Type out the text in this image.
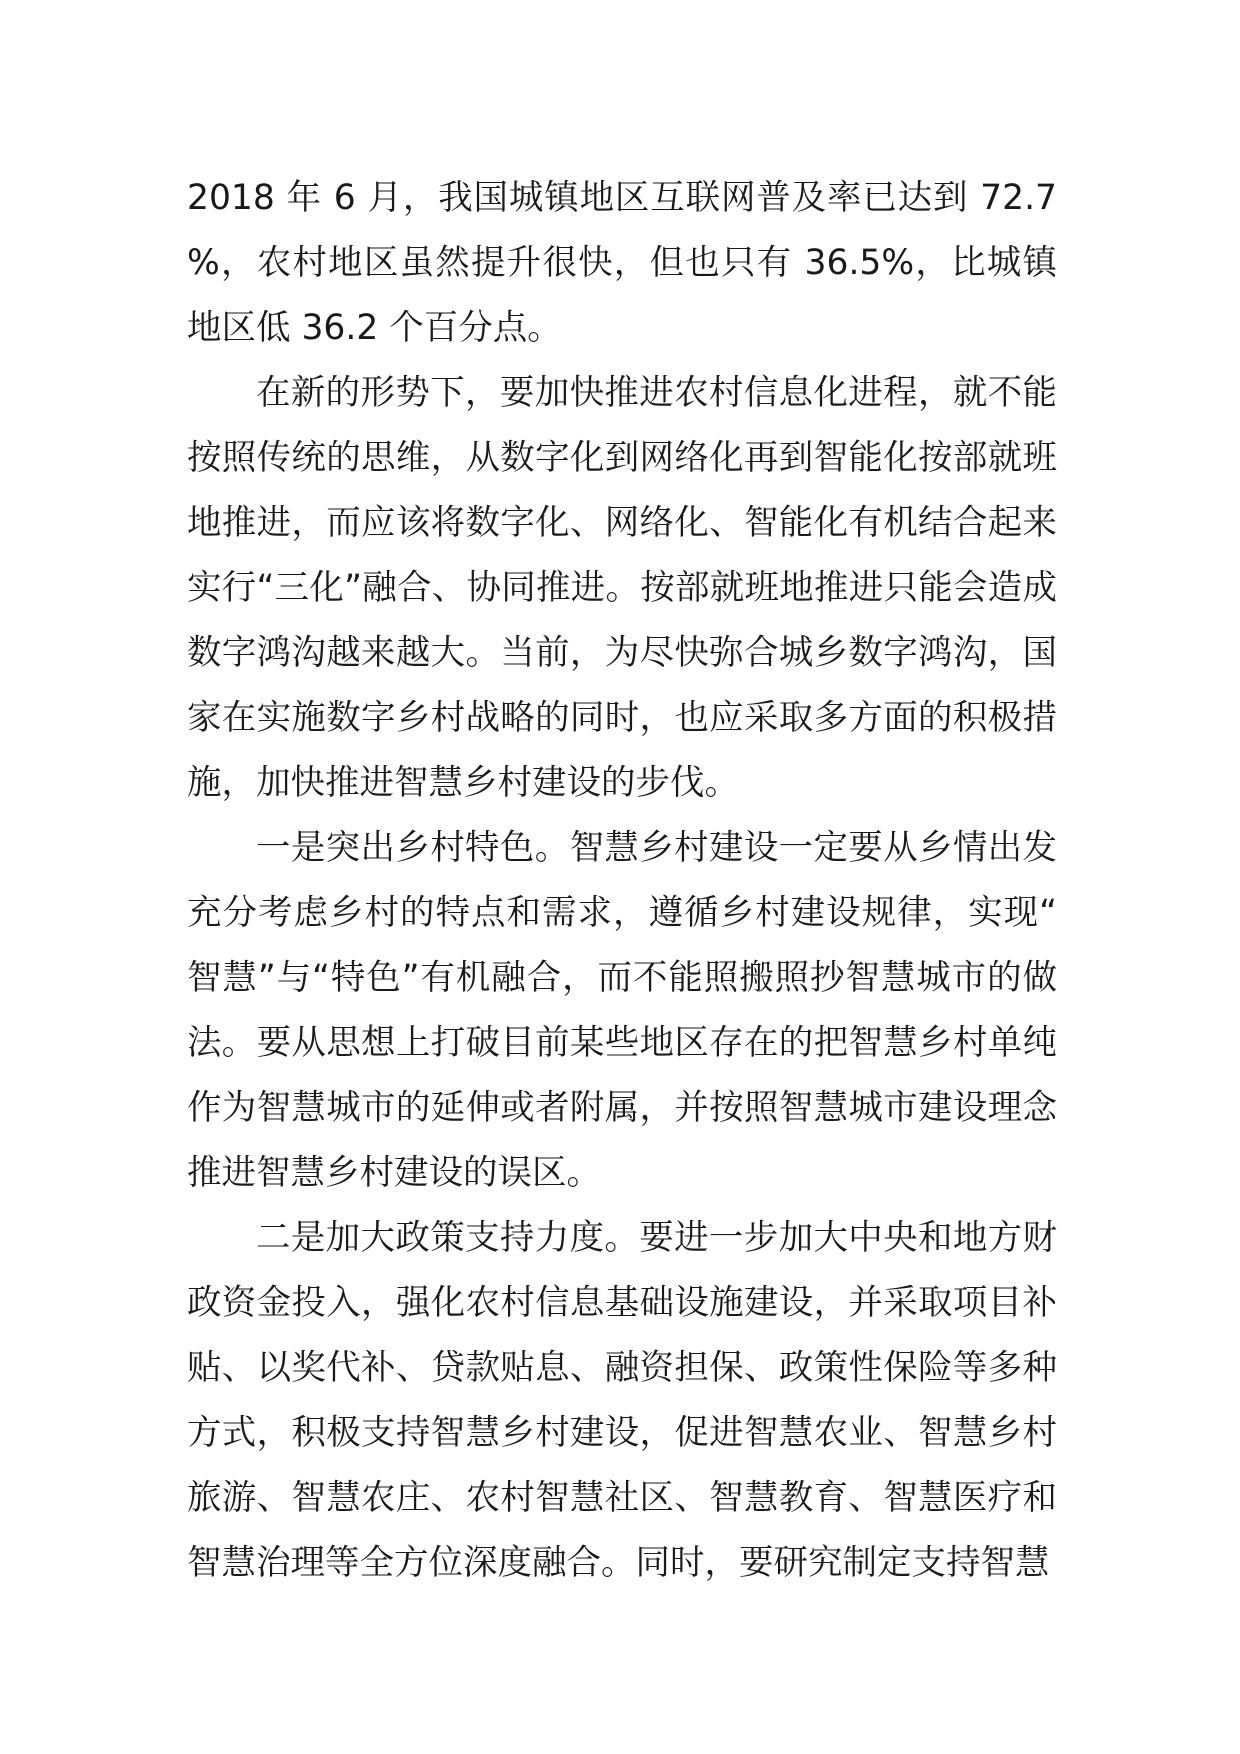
2018 年 6 月，我国城镇地区互联网普及率已达到 72.7%，农村地区虽然提升很快，但也只有 36.5%，比城镇地区低 36.2 个百分点。

在新的形势下，要加快推进农村信息化进程，就不能按照传统的思维，从数字化到网络化再到智能化按部就班地推进，而应该将数字化、网络化、智能化有机结合起来实行“三化”融合、协同推进。按部就班地推进只能会造成数字鸿沟越来越大。当前，为尽快弥合城乡数字鸿沟，国家在实施数字乡村战略的同时，也应采取多方面的积极措施，加快推进智慧乡村建设的步伐。

一是突出乡村特色。智慧乡村建设一定要从乡情出发充分考虑乡村的特点和需求，遵循乡村建设规律，实现“智慧”与“特色”有机融合，而不能照搬照抄智慧城市的做法。要从思想上打破目前某些地区存在的把智慧乡村单纯作为智慧城市的延伸或者附属，并按照智慧城市建设理念推进智慧乡村建设的误区。

二是加大政策支持力度。要进一步加大中央和地方财政资金投入，强化农村信息基础设施建设，并采取项目补贴、以奖代补、贷款贴息、融资担保、政策性保险等多种方式，积极支持智慧乡村建设，促进智慧农业、智慧乡村旅游、智慧农庄、农村智慧社区、智慧教育、智慧医疗和智慧治理等全方位深度融合。同时，要研究制定支持智慧
